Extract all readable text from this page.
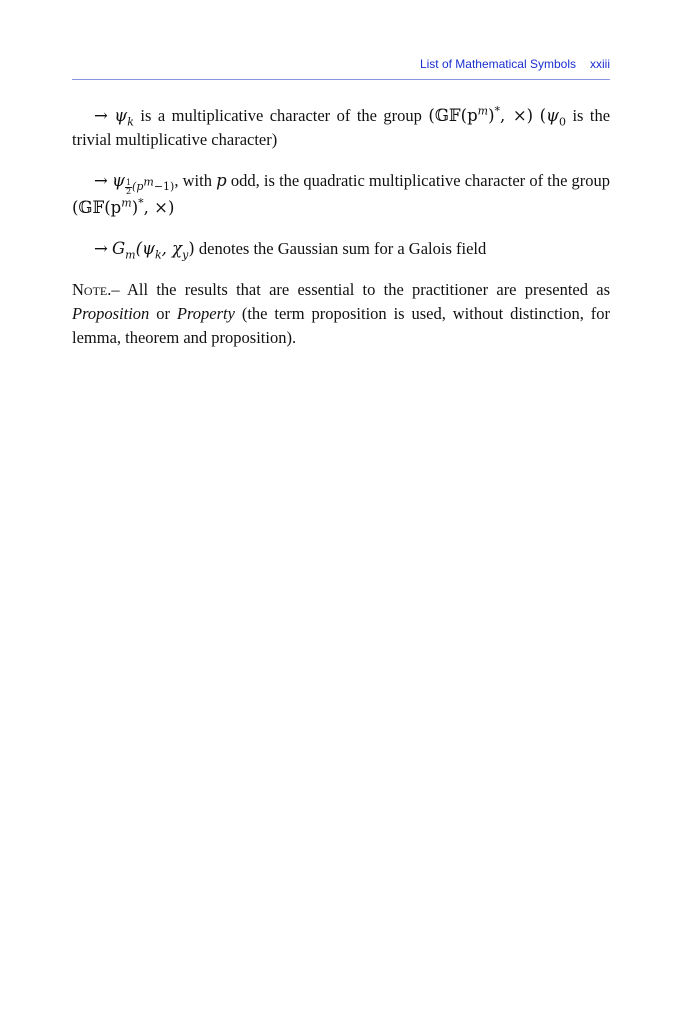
List of Mathematical Symbols xxiii

→ $\psi_k$ is a multiplicative character of the group ($𝔾𝔽(p^m)^*$, ×) ($\psi_0$ is the trivial multiplicative character)

→ ψ $_{\frac{1}{2} (p^m-1)}$, with p odd, is the quadratic multiplicative character of the group ($𝔾𝔽(p^m)^*$, ×)

→ $G_m(\psi_k$, $\chi_y$) denotes the Gaussian sum for a Galois field

Note.– All the results that are essential to the practitioner are presented as Proposition or Property (the term proposition is used, without distinction, for lemma, theorem and proposition).
